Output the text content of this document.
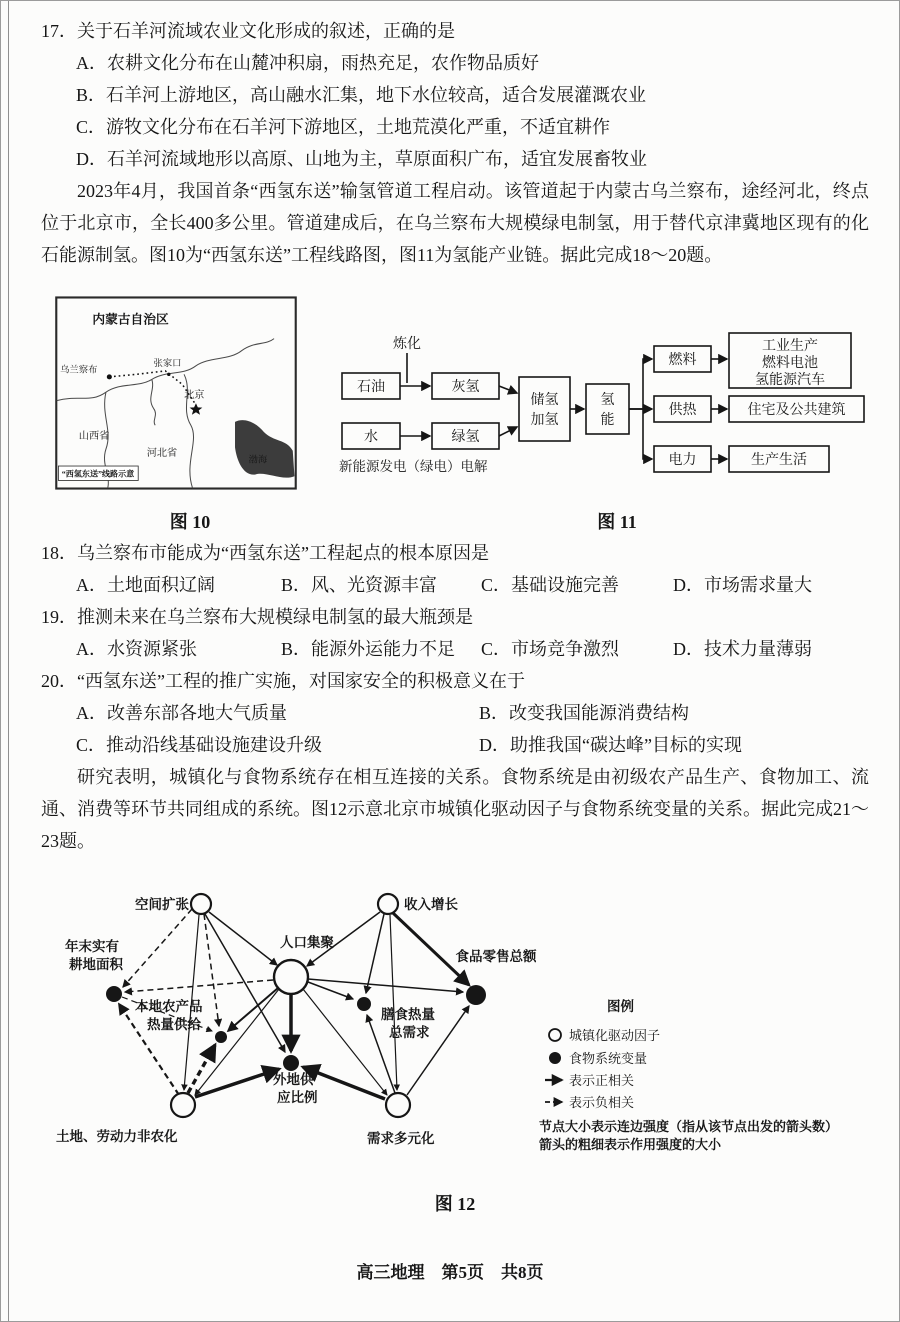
17．关于石羊河流域农业文化形成的叙述，正确的是
A．农耕文化分布在山麓冲积扇，雨热充足，农作物品质好
B．石羊河上游地区，高山融水汇集，地下水位较高，适合发展灌溉农业
C．游牧文化分布在石羊河下游地区，土地荒漠化严重，不适宜耕作
D．石羊河流域地形以高原、山地为主，草原面积广布，适宜发展畜牧业

2023年4月，我国首条“西氢东送”输氢管道工程启动。该管道起于内蒙古乌兰察布，途经河北，终点位于北京市，全长400多公里。管道建成后，在乌兰察布大规模绿电制氢，用于替代京津冀地区现有的化石能源制氢。图10为“西氢东送”工程线路图，图11为氢能产业链。据此完成18～20题。

内蒙古自治区
渤海
乌兰察布
张家口
北京
山西省
河北省
“西氢东送”线路示意
炼化
石油	灰氢
水	绿氢
储氢
加氢
氢
能
燃料
供热
电力
工业生产
燃料电池
氢能源汽车
住宅及公共建筑
生产生活
新能源发电（绿电）电解
图 10	图 11
18．乌兰察布市能成为“西氢东送”工程起点的根本原因是
A．土地面积辽阔	B．风、光资源丰富	C．基础设施完善	D．市场需求量大
19．推测未来在乌兰察布大规模绿电制氢的最大瓶颈是
A．水资源紧张	B．能源外运能力不足	C．市场竞争激烈	D．技术力量薄弱
20．“西氢东送”工程的推广实施，对国家安全的积极意义在于
A．改善东部各地大气质量	B．改变我国能源消费结构
C．推动沿线基础设施建设升级	D．助推我国“碳达峰”目标的实现

研究表明，城镇化与食物系统存在相互连接的关系。食物系统是由初级农产品生产、食物加工、流通、消费等环节共同组成的系统。图12示意北京市城镇化驱动因子与食物系统变量的关系。据此完成21～23题。

空间扩张	收入增长
人口集聚
年末实有
耕地面积
食品零售总额
本地农产品
热量供给
膳食热量
总需求
外地供
应比例
土地、劳动力非农化	需求多元化
图例
城镇化驱动因子
食物系统变量
表示正相关
表示负相关
节点大小表示连边强度（指从该节点出发的箭头数）
箭头的粗细表示作用强度的大小
图 12
高三地理　第5页　共8页
